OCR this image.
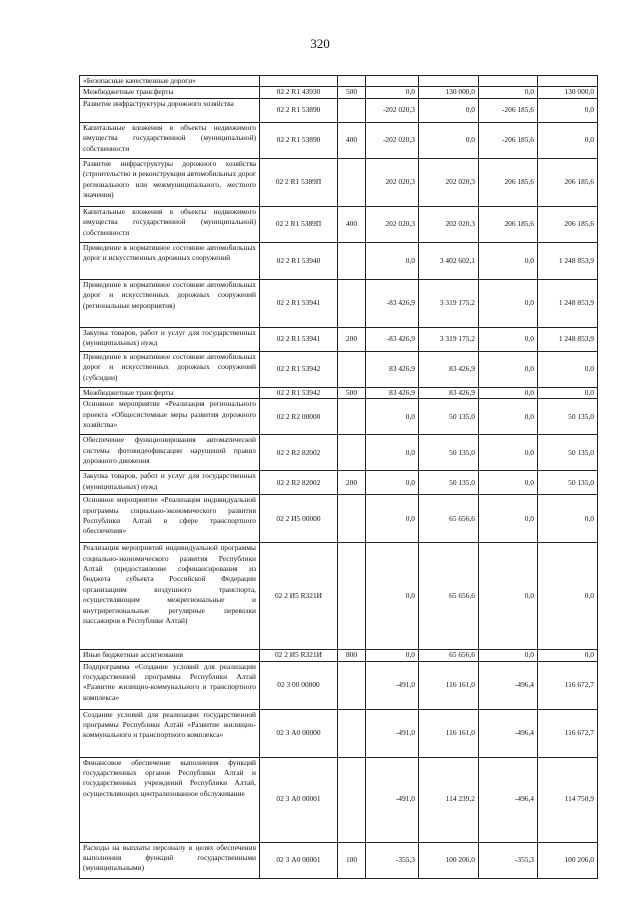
320
«Безопасные качественные дороги»						
Межбюджетные трансферты	02 2 R1 43930	500	0,0	130 000,0	0,0	130 000,0
Развитие инфраструктуры дорожного хозяйства	02 2 R1 53890		-202 020,3	0,0	-206 185,6	0,0
Капитальные вложения в объекты недвижимого имущества государственной (муниципальной) собственности	02 2 R1 53890	400	-202 020,3	0,0	-206 185,6	0,0
Развитие инфраструктуры дорожного хозяйства (строительство и реконструкция автомобильных дорог регионального или межмуниципального, местного значения)	02 2 R1 5389П		202 020,3	202 020,3	206 185,6	206 185,6
Капитальные вложения в объекты недвижимого имущества государственной (муниципальной) собственности	02 2 R1 5389П	400	202 020,3	202 020,3	206 185,6	206 185,6
Приведение в нормативное состояние автомобильных дорог и искусственных дорожных сооружений	02 2 R1 53940		0,0	3 402 602,1	0,0	1 248 853,9
Приведение в нормативное состояние автомобильных дорог и искусственных дорожных сооружений (региональные мероприятия)	02 2 R1 53941		-83 426,9	3 319 175,2	0,0	1 248 853,9
Закупка товаров, работ и услуг для государственных (муниципальных) нужд	02 2 R1 53941	200	-83 426,9	3 319 175,2	0,0	1 248 853,9
Приведение в нормативное состояние автомобильных дорог и искусственных дорожных сооружений (субсидии)	02 2 R1 53942		83 426,9	83 426,9	0,0	0,0
Межбюджетные трансферты	02 2 R1 53942	500	83 426,9	83 426,9	0,0	0,0
Основное мероприятие «Реализация регионального проекта «Общесистемные меры развития дорожного хозяйства»	02 2 R2 00000		0,0	50 135,0	0,0	50 135,0
Обеспечение функционирования автоматической системы фотовидеофиксации нарушений правил дорожного движения	02 2 R2 82002		0,0	50 135,0	0,0	50 135,0
Закупка товаров, работ и услуг для государственных (муниципальных) нужд	02 2 R2 82002	200	0,0	50 135,0	0,0	50 135,0
Основное мероприятие «Реализация индивидуальной программы социально-экономического развития Республики Алтай в сфере транспортного обеспечения»	02 2 И5 00000		0,0	65 656,6	0,0	0,0
Реализация мероприятий индивидуальной программы социально-экономического развития Республики Алтай (предоставление софинансирования из бюджета субъекта Российской Федерации организациям воздушного транспорта, осуществляющим межрегиональные и внутрирегиональные регулярные перевозки пассажиров в Республике Алтай)	02 2 И5 R321И		0,0	65 656,6	0,0	0,0
Иные бюджетные ассигнования	02 2 И5 R321И	800	0,0	65 656,6	0,0	0,0
Подпрограмма «Создание условий для реализации государственной программы Республики Алтай «Развитие жилищно-коммунального и транспортного комплекса»	02 3 00 00000		-491,0	116 161,0	-496,4	116 672,7
Создание условий для реализации государственной программы Республики Алтай «Развитие жилищно-коммунального и транспортного комплекса»	02 3 А0 00000		-491,0	116 161,0	-496,4	116 672,7
Финансовое обеспечение выполнения функций государственных органов Республики Алтай и государственных учреждений Республики Алтай, осуществляющих централизованное обслуживание	02 3 А0 00001		-491,0	114 239,2	-496,4	114 750,9
Расходы на выплаты персоналу в целях обеспечения выполнения функций государственными (муниципальными)	02 3 А0 00001	100	-355,3	100 206,0	-355,3	100 206,0
